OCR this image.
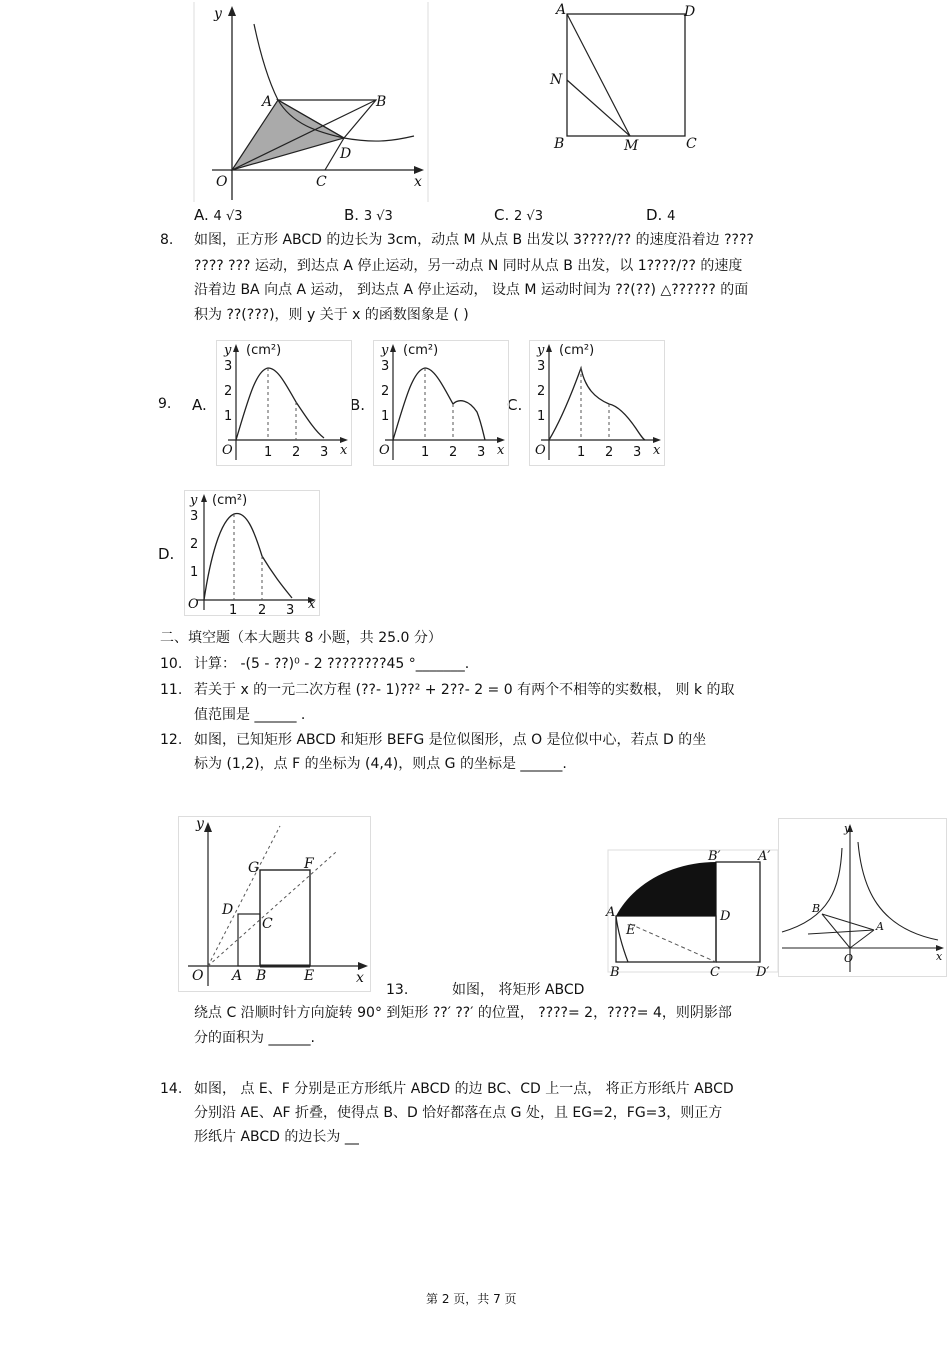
y
x
O
A	B
C
D
A	D
N
B	M	C
A. 4 √3	B. 3 √3	C. 2 √3	D. 4
8. 如图，正方形 ABCD 的边长为 3cm，动点 M 从点 B 出发以 3????/?? 的速度沿着边 ????
???? ??? 运动，到达点 A 停止运动，另一动点 N 同时从点 B 出发，以 1????/?? 的速度
沿着边 BA 向点 A 运动， 到达点 A 停止运动， 设点 M 运动时间为 ??(??) △?????? 的面
积为 ??(???)，则 y 关于 x 的函数图象是 ( )
9. A.	B.	C.
D.
y (cm²)
O	x
1 2 3
1
2
3
y (cm²)
O	x
1 2 3
1
2
3
y (cm²)
O	x
1 2 3
1
2
3
y (cm²)
O	x
1 2 3
1
2
3
二、填空题（本大题共 8 小题，共 25.0 分）
10. 计算： -(5 - ??)⁰ - 2 ????????45 °_______.
11. 若关于 x 的一元二次方程 (??- 1)??² + 2??- 2 = 0 有两个不相等的实数根， 则 k 的取
值范围是 ______ .
12. 如图，已知矩形 ABCD 和矩形 BEFG 是位似图形，点 O 是位似中心，若点 D 的坐
标为 (1,2)，点 F 的坐标为 (4,4)，则点 G 的坐标是 ______.
y
x
O A B	E
C
D
G	F
A
B	C
D
E
B′	A′
D′
y
x
O
B
A
13.	如图， 将矩形 ABCD
绕点 C 沿顺时针方向旋转 90° 到矩形 ??′ ??′ 的位置， ????= 2，????= 4，则阴影部
分的面积为 ______.
14. 如图， 点 E、F 分别是正方形纸片 ABCD 的边 BC、CD 上一点， 将正方形纸片 ABCD
分别沿 AE、AF 折叠，使得点 B、D 恰好都落在点 G 处，且 EG=2，FG=3，则正方
形纸片 ABCD 的边长为 __
第 2 页，共 7 页
